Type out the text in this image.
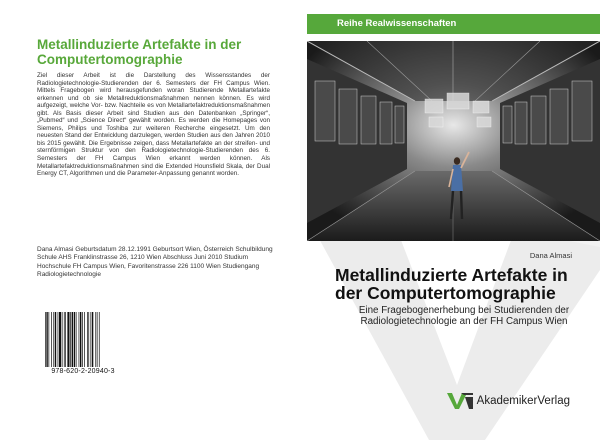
Metallinduzierte Artefakte in der Computertomographie
Ziel dieser Arbeit ist die Darstellung des Wissensstandes der Radiologietechnologie-Studierenden der 6. Semesters der FH Campus Wien. Mittels Fragebogen wird herausgefunden woran Studierende Metallartefakte erkennen und ob sie Metallreduktionsmaßnahmen nennen können. Es wird aufgezeigt, welche Vor- bzw. Nachteile es von Metallartefaktreduktionsmaßnahmen gibt. Als Basis dieser Arbeit sind Studien aus den Datenbanken „Springer“, „Pubmed“ und „Science Direct“ gewählt worden. Es werden die Homepages von Siemens, Philips und Toshiba zur weiteren Recherche eingesetzt. Um den neuesten Stand der Entwicklung darzulegen, werden Studien aus den Jahren 2010 bis 2015 gewählt. Die Ergebnisse zeigen, dass Metallartefakte an der streifen- und sternförmigen Struktur von den Radiologietechnologie-Studierenden des 6. Semesters der FH Campus Wien erkannt werden können. Als Metallartefaktreduktionsmaßnahmen sind die Extended Hounsfield Skala, der Dual Energy CT, Algorithmen und die Parameter-Anpassung genannt worden.
Dana Almasi Geburtsdatum 28.12.1991 Geburtsort Wien, Österreich Schulbildung Schule AHS Franklinstrasse 26, 1210 Wien Abschluss Juni 2010 Studium Hochschule FH Campus Wien, Favoritenstrasse 226 1100 Wien Studiengang Radiologietechnologie
978-620-2-20940-3
Reihe Realwissenschaften
Dana Almasi
Metallinduzierte Artefakte in der Computertomographie
Eine Fragebogenerhebung bei Studierenden der Radiologietechnologie an der FH Campus Wien
AkademikerVerlag
